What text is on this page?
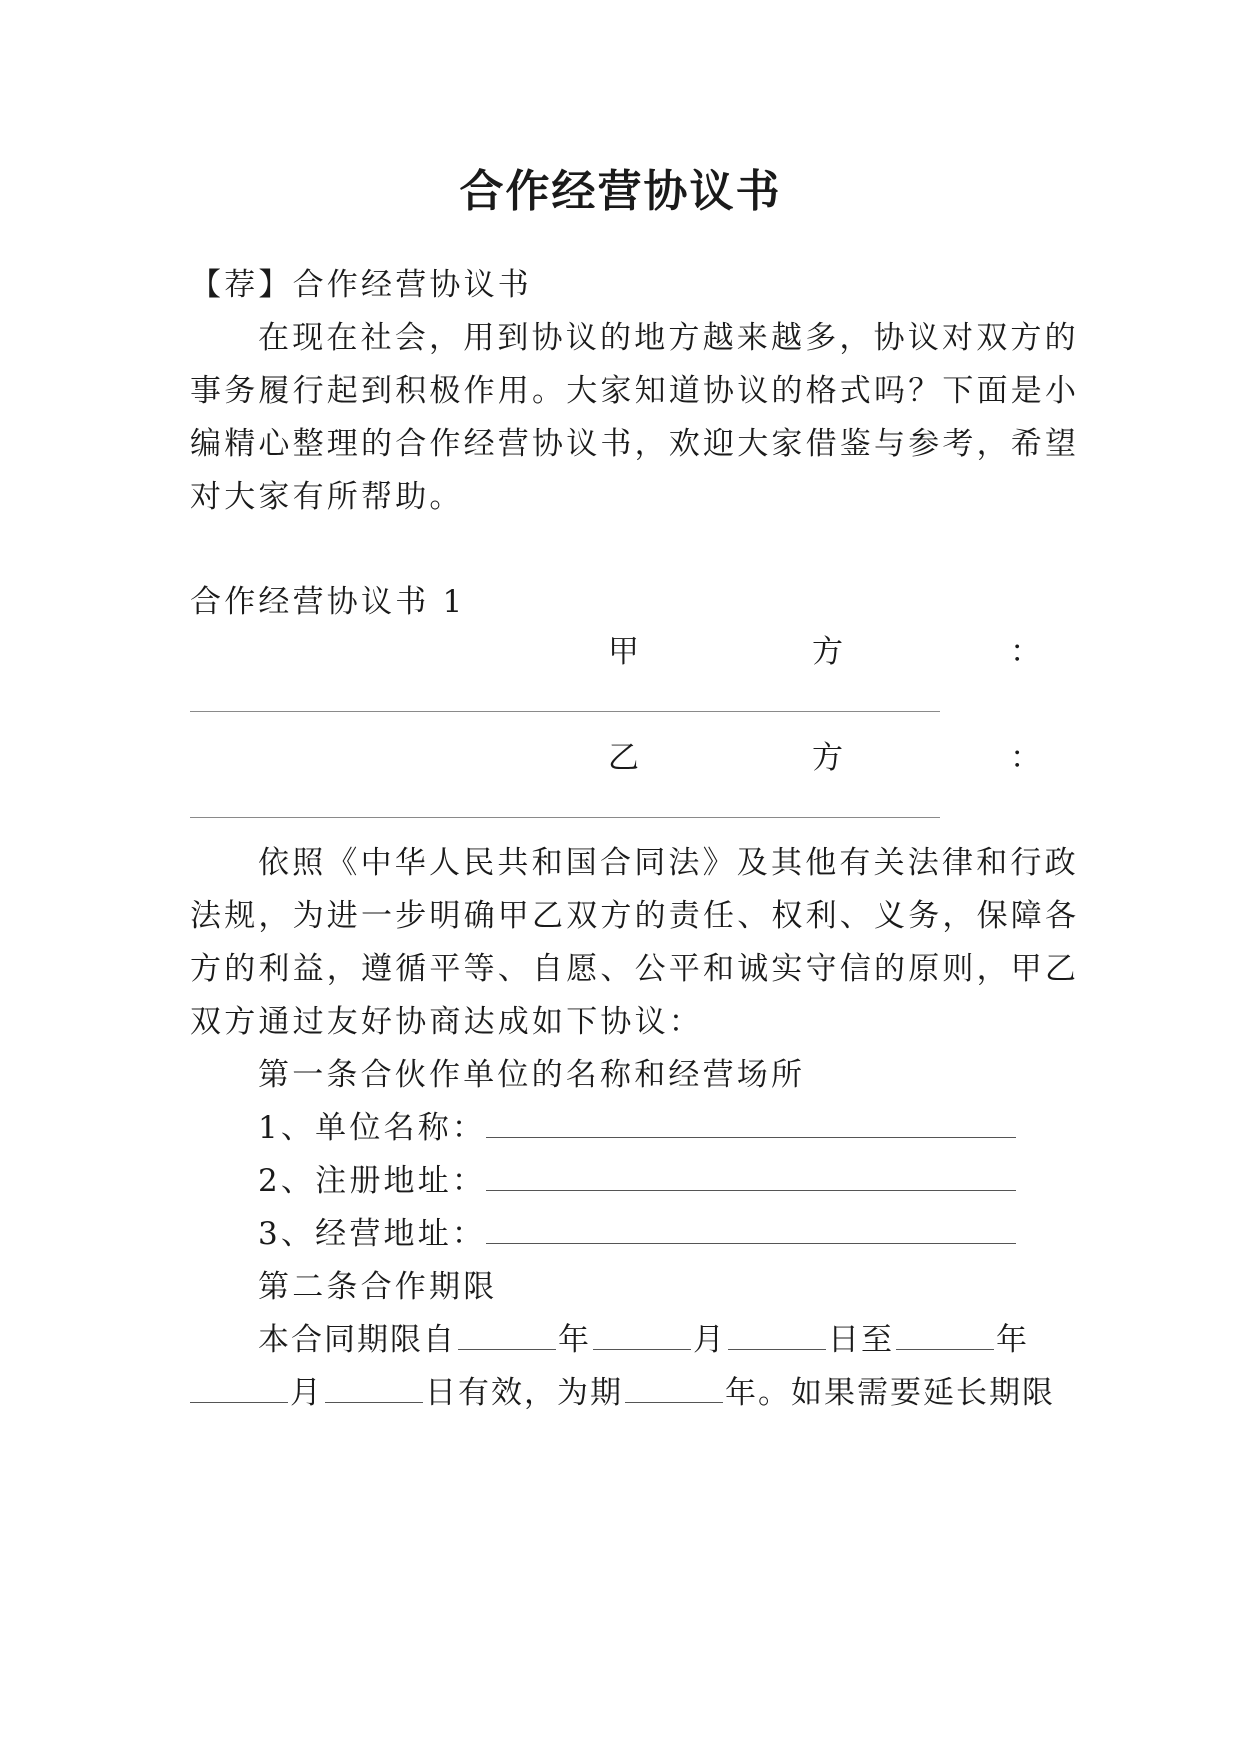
合作经营协议书
【荐】合作经营协议书
在现在社会，用到协议的地方越来越多，协议对双方的
事务履行起到积极作用。大家知道协议的格式吗？下面是小
编精心整理的合作经营协议书，欢迎大家借鉴与参考，希望
对大家有所帮助。
合作经营协议书 1
甲	方	：
乙	方	：
依照《中华人民共和国合同法》及其他有关法律和行政
法规，为进一步明确甲乙双方的责任、权利、义务，保障各
方的利益，遵循平等、自愿、公平和诚实守信的原则，甲乙
双方通过友好协商达成如下协议：
第一条合伙作单位的名称和经营场所
1、单位名称：
2、注册地址：
3、经营地址：
第二条合作期限
本合同期限自	年	月	日至	年
月	日有效，为期	年。如果需要延长期限
